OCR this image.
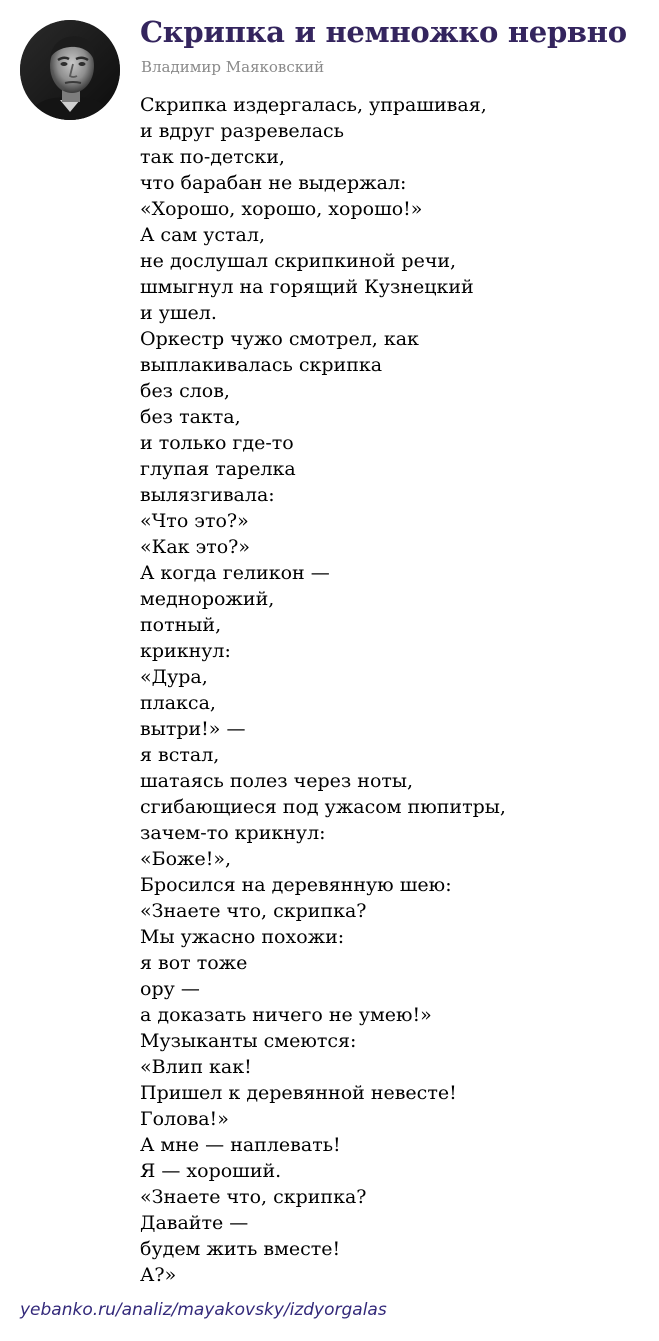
Скрипка и немножко нервно
Владимир Маяковский
Скрипка издергалась, упрашивая,
и вдруг разревелась
так по-детски,
что барабан не выдержал:
«Хорошо, хорошо, хорошо!»
А сам устал,
не дослушал скрипкиной речи,
шмыгнул на горящий Кузнецкий
и ушел.
Оркестр чужо смотрел, как
выплакивалась скрипка
без слов,
без такта,
и только где-то
глупая тарелка
вылязгивала:
«Что это?»
«Как это?»
А когда геликон —
меднорожий,
потный,
крикнул:
«Дура,
плакса,
вытри!» —
я встал,
шатаясь полез через ноты,
сгибающиеся под ужасом пюпитры,
зачем-то крикнул:
«Боже!»,
Бросился на деревянную шею:
«Знаете что, скрипка?
Мы ужасно похожи:
я вот тоже
ору —
а доказать ничего не умею!»
Музыканты смеются:
«Влип как!
Пришел к деревянной невесте!
Голова!»
А мне — наплевать!
Я — хороший.
«Знаете что, скрипка?
Давайте —
будем жить вместе!
А?»
yebanko.ru/analiz/mayakovsky/izdyorgalas
